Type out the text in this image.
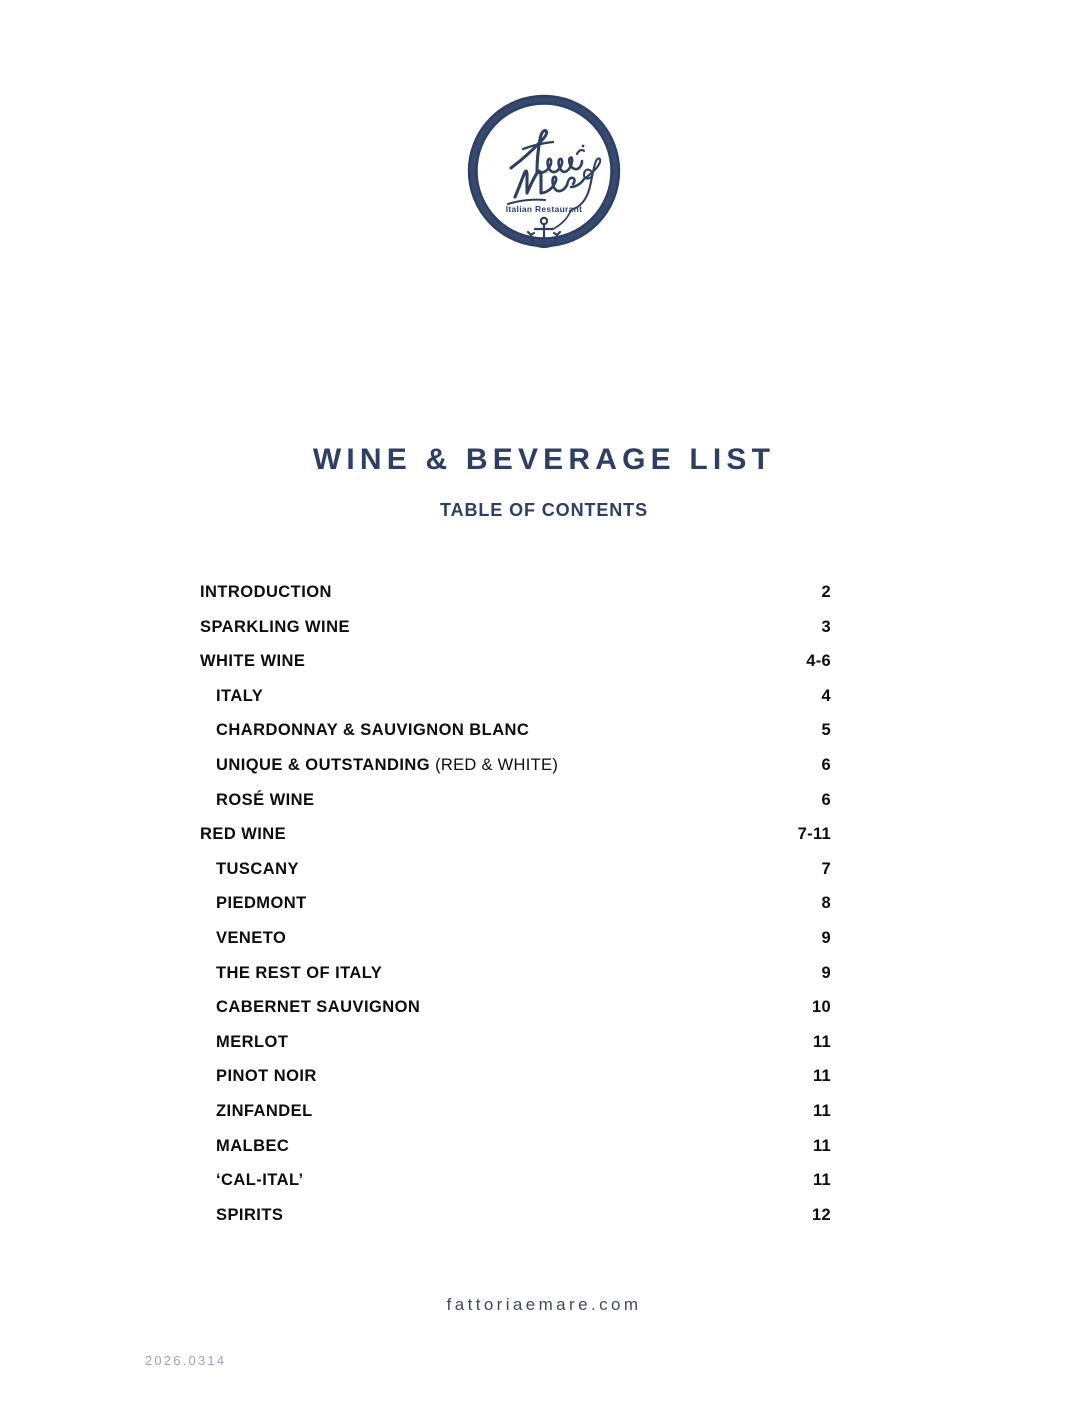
Italian Restaurant
WINE & BEVERAGE LIST
TABLE OF CONTENTS
INTRODUCTION	2
SPARKLING WINE	3
WHITE WINE	4-6
ITALY	4
CHARDONNAY & SAUVIGNON BLANC	5
UNIQUE & OUTSTANDING (RED & WHITE)	6
ROSÉ WINE	6
RED WINE	7-11
TUSCANY	7
PIEDMONT	8
VENETO	9
THE REST OF ITALY	9
CABERNET SAUVIGNON	10
MERLOT	11
PINOT NOIR	11
ZINFANDEL	11
MALBEC	11
‘CAL-ITAL’	11
SPIRITS	12
fattoriaemare.com
2026.0314
